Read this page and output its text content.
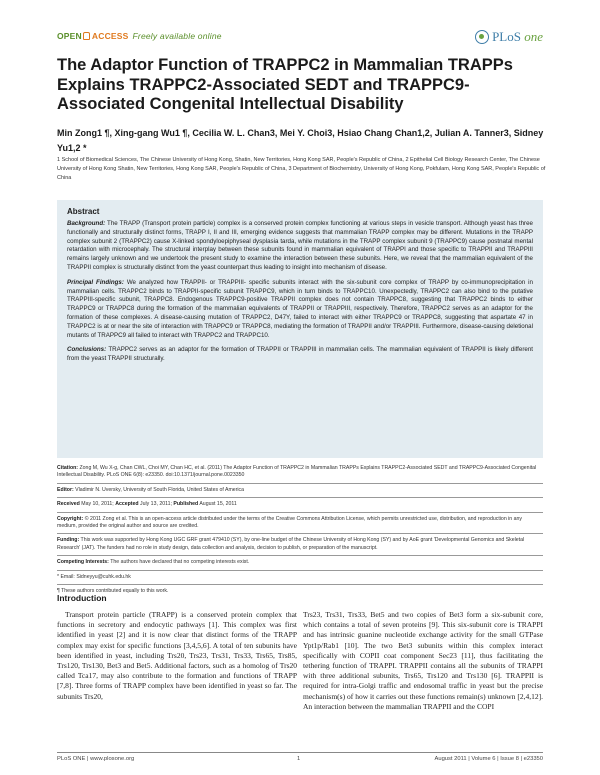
OPEN ACCESS Freely available online	PLoS one
The Adaptor Function of TRAPPC2 in Mammalian TRAPPs Explains TRAPPC2-Associated SEDT and TRAPPC9-Associated Congenital Intellectual Disability
Min Zong1 ¶, Xing-gang Wu1 ¶, Cecilia W. L. Chan3, Mei Y. Choi3, Hsiao Chang Chan1,2, Julian A. Tanner3, Sidney Yu1,2 *
1 School of Biomedical Sciences, The Chinese University of Hong Kong, Shatin, New Territories, Hong Kong SAR, People's Republic of China, 2 Epithelial Cell Biology Research Center, The Chinese University of Hong Kong Shatin, New Territories, Hong Kong SAR, People's Republic of China, 3 Department of Biochemistry, University of Hong Kong, Pokfulam, Hong Kong SAR, People's Republic of China
Abstract

Background: The TRAPP (Transport protein particle) complex is a conserved protein complex functioning at various steps in vesicle transport. Although yeast has three functionally and structurally distinct forms, TRAPP I, II and III, emerging evidence suggests that mammalian TRAPP complex may be different. Mutations in the TRAPP complex subunit 2 (TRAPPC2) cause X-linked spondyloepiphyseal dysplasia tarda, while mutations in the TRAPP complex subunit 9 (TRAPPC9) cause postnatal mental retardation with microcephaly. The structural interplay between these subunits found in mammalian equivalent of TRAPPI and those specific to TRAPPII and TRAPPIII remains largely unknown and we undertook the present study to examine the interaction between these subunits. Here, we reveal that the mammalian equivalent of the TRAPPII complex is structurally distinct from the yeast counterpart thus leading to insight into mechanism of disease.

Principal Findings: We analyzed how TRAPPII- or TRAPPIII- specific subunits interact with the six-subunit core complex of TRAPP by co-immunoprecipitation in mammalian cells. TRAPPC2 binds to TRAPPII-specific subunit TRAPPC9, which in turn binds to TRAPPC10. Unexpectedly, TRAPPC2 can also bind to the putative TRAPPIII-specific subunit, TRAPPC8. Endogenous TRAPPC9-positive TRAPPII complex does not contain TRAPPC8, suggesting that TRAPPC2 binds to either TRAPPC9 or TRAPPC8 during the formation of the mammalian equivalents of TRAPPII or TRAPPIII, respectively. Therefore, TRAPPC2 serves as an adaptor for the formation of these complexes. A disease-causing mutation of TRAPPC2, D47Y, failed to interact with either TRAPPC9 or TRAPPC8, suggesting that aspartate 47 in TRAPPC2 is at or near the site of interaction with TRAPPC9 or TRAPPC8, mediating the formation of TRAPPII and/or TRAPPIII. Furthermore, disease-causing deletional mutants of TRAPPC9 all failed to interact with TRAPPC2 and TRAPPC10.

Conclusions: TRAPPC2 serves as an adaptor for the formation of TRAPPII or TRAPPIII in mammalian cells. The mammalian equivalent of TRAPPII is likely different from the yeast TRAPPII structurally.

Citation: Zong M, Wu X-g, Chan CWL, Choi MY, Chan HC, et al. (2011) The Adaptor Function of TRAPPC2 in Mammalian TRAPPs Explains TRAPPC2-Associated SEDT and TRAPPC9-Associated Congenital Intellectual Disability. PLoS ONE 6(8): e23350. doi:10.1371/journal.pone.0023350

Editor: Vladimir N. Uversky, University of South Florida, United States of America

Received May 10, 2011; Accepted July 13, 2011; Published August 15, 2011

Copyright: © 2011 Zong et al. This is an open-access article distributed under the terms of the Creative Commons Attribution License, which permits unrestricted use, distribution, and reproduction in any medium, provided the original author and source are credited.

Funding: This work was supported by Hong Kong UGC GRF grant 479410 (SY), by one-line budget of the Chinese University of Hong Kong (SY) and by AoE grant 'Developmental Genomics and Skeletal Research' (JAT). The funders had no role in study design, data collection and analysis, decision to publish, or preparation of the manuscript.

Competing Interests: The authors have declared that no competing interests exist.

* Email: Sidneyyu@cuhk.edu.hk

¶ These authors contributed equally to this work.

Introduction

Transport protein particle (TRAPP) is a conserved protein complex that functions in secretory and endocytic pathways [1]. This complex was first identified in yeast [2] and it is now clear that distinct forms of the TRAPP complex may exist for specific functions [3,4,5,6]. A total of ten subunits have been identified in yeast, including Trs20, Trs23, Trs31, Trs33, Trs65, Trs85, Trs120, Trs130, Bet3 and Bet5. Additional factors, such as a homolog of Trs20 called Tca17, may also contribute to the formation and functions of TRAPP [7,8]. Three forms of TRAPP complex have been identified in yeast so far. The subunits Trs20,

Trs23, Trs31, Trs33, Bet5 and two copies of Bet3 form a six-subunit core, which contains a total of seven proteins [9]. This six-subunit core is TRAPPI and has intrinsic guanine nucleotide exchange activity for the small GTPase Ypt1p/Rab1 [10]. The two Bet3 subunits within this complex interact specifically with COPII coat component Sec23 [11], thus facilitating the tethering function of TRAPPI. TRAPPII contains all the subunits of TRAPPI with three additional subunits, Trs65, Trs120 and Trs130 [6]. TRAPPII is required for intra-Golgi traffic and endosomal traffic in yeast but the precise mechanism(s) of how it carries out these functions remain(s) unknown [2,4,12]. An interaction between the mammalian TRAPPII and the COPI

PLoS ONE | www.plosone.org	1	August 2011 | Volume 6 | Issue 8 | e23350
